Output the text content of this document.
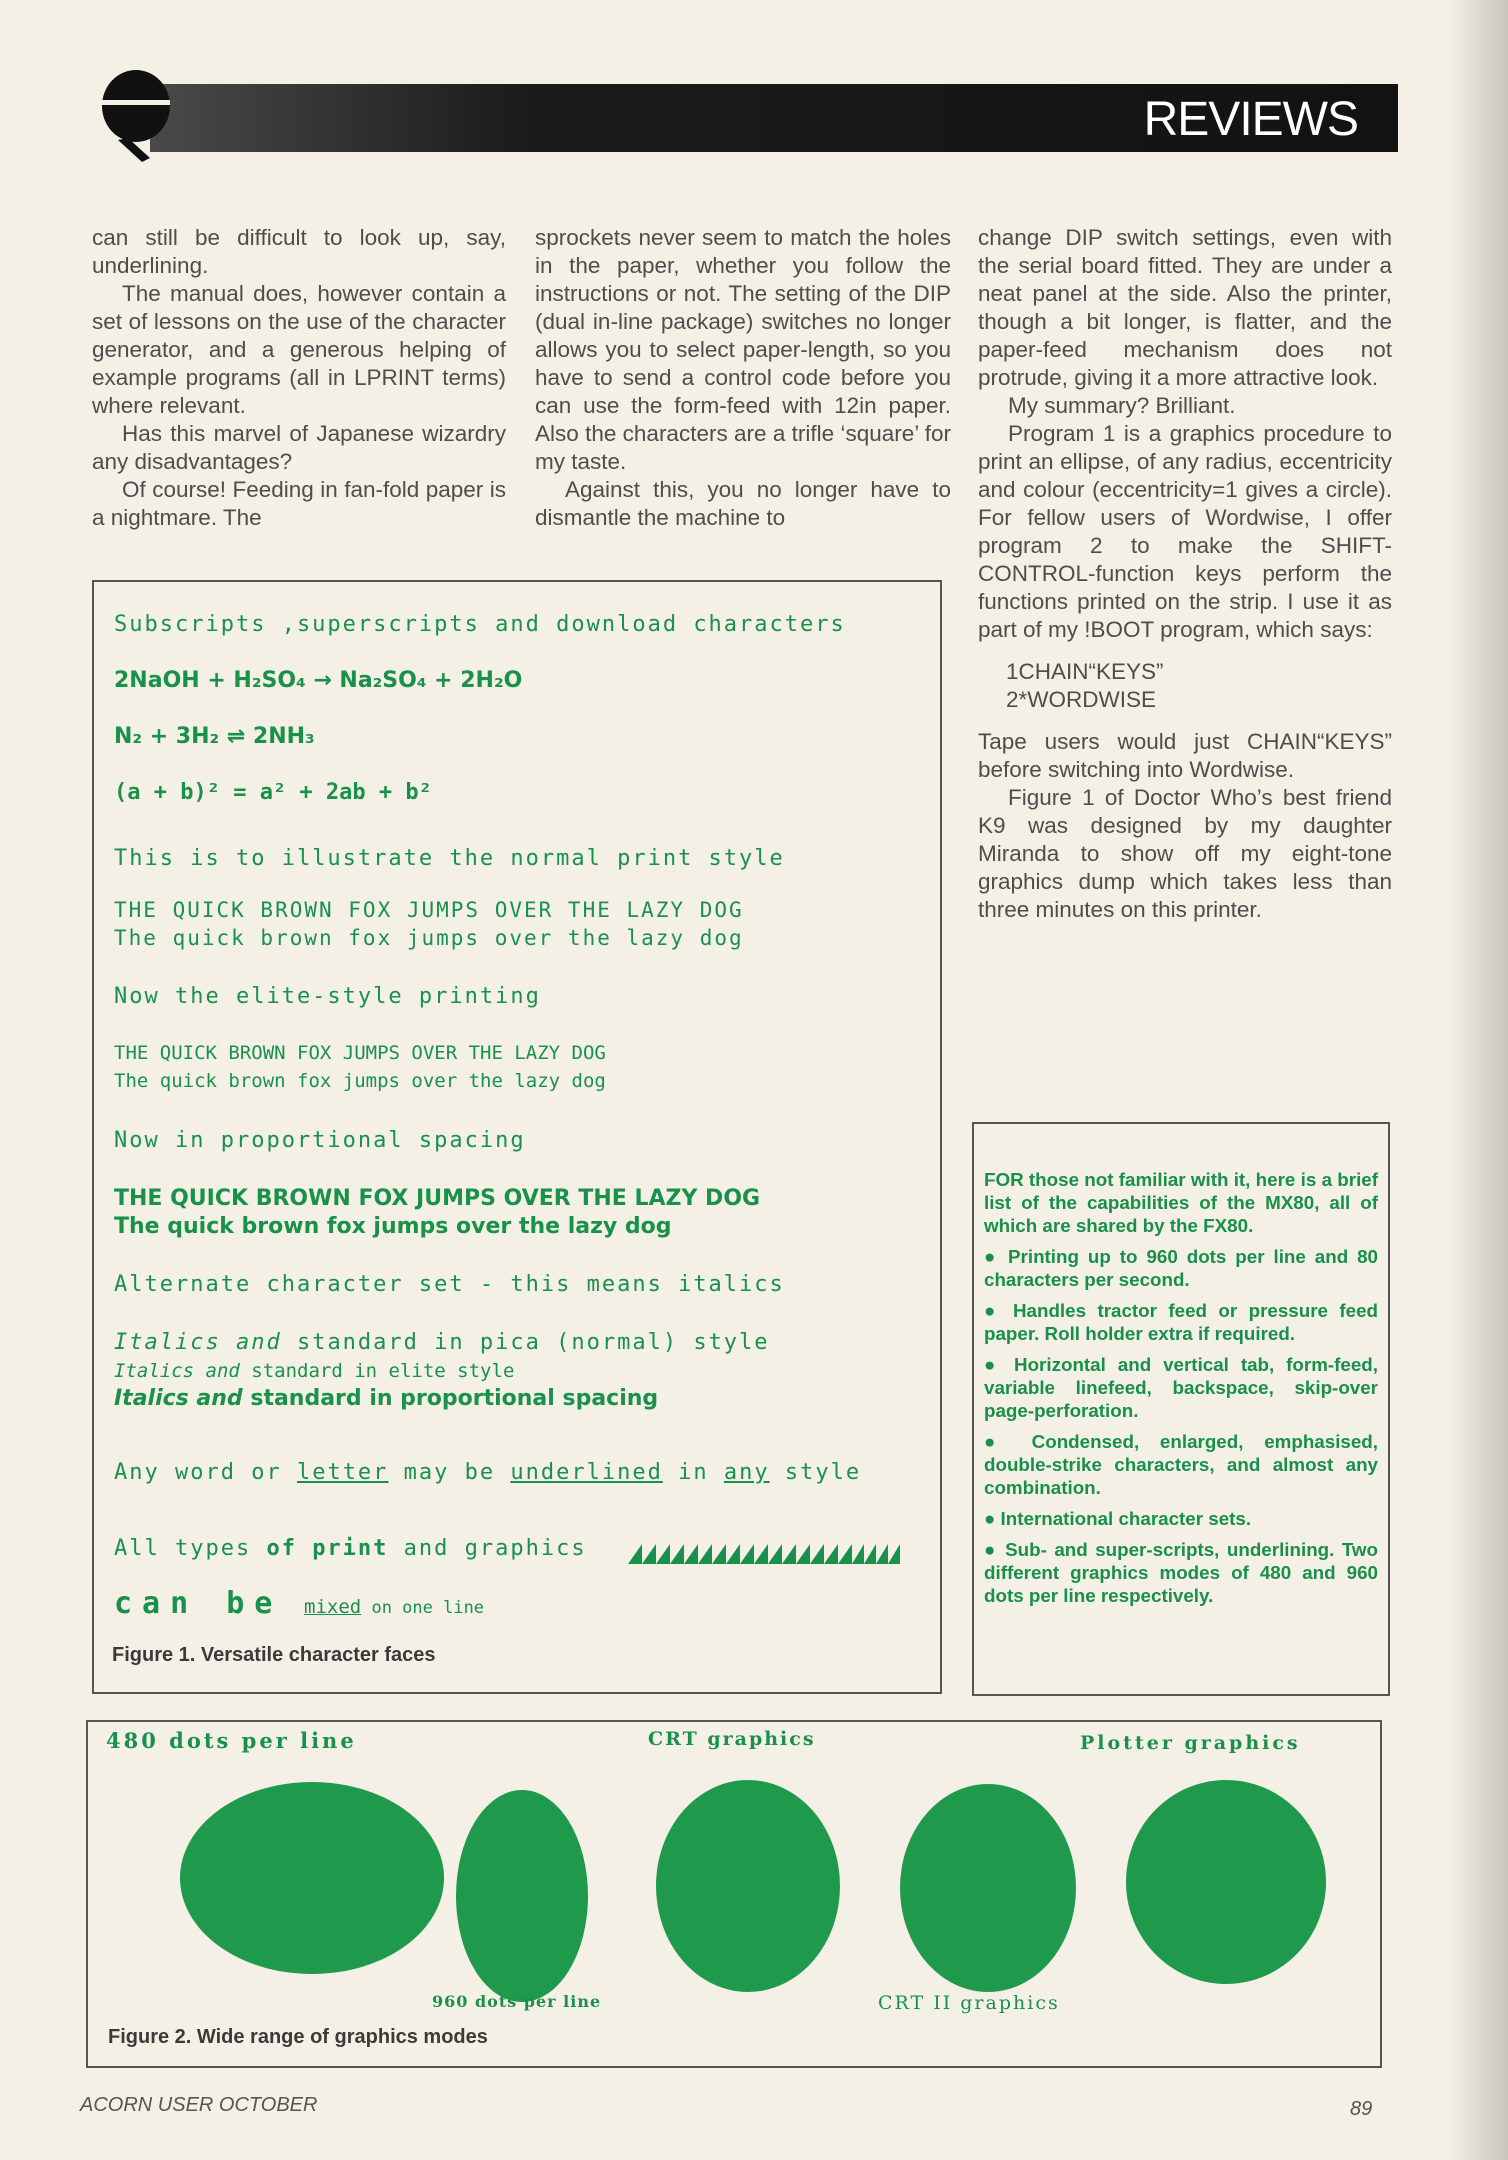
REVIEWS

can still be difficult to look up, say, underlining.

The manual does, however contain a set of lessons on the use of the character generator, and a generous helping of example programs (all in LPRINT terms) where relevant.

Has this marvel of Japanese wizardry any disadvantages?

Of course! Feeding in fan-fold paper is a nightmare. The

sprockets never seem to match the holes in the paper, whether you follow the instructions or not. The setting of the DIP (dual in-line package) switches no longer allows you to select paper-length, so you have to send a control code before you can use the form-feed with 12in paper. Also the characters are a trifle ‘square’ for my taste.

Against this, you no longer have to dismantle the machine to

change DIP switch settings, even with the serial board fitted. They are under a neat panel at the side. Also the printer, though a bit longer, is flatter, and the paper-feed mechanism does not protrude, giving it a more attractive look.

My summary? Brilliant.

Program 1 is a graphics procedure to print an ellipse, of any radius, eccentricity and colour (eccentricity=1 gives a circle). For fellow users of Wordwise, I offer program 2 to make the SHIFT-CONTROL-function keys perform the functions printed on the strip. I use it as part of my !BOOT program, which says:

1CHAIN“KEYS”
2*WORDWISE

Tape users would just CHAIN“KEYS” before switching into Wordwise.

Figure 1 of Doctor Who’s best friend K9 was designed by my daughter Miranda to show off my eight-tone graphics dump which takes less than three minutes on this printer.

Subscripts ,superscripts and download characters
2NaOH + H₂SO₄ → Na₂SO₄ + 2H₂O
N₂ + 3H₂ ⇌ 2NH₃
(a + b)² = a² + 2ab + b²
This is to illustrate the normal print style
THE QUICK BROWN FOX JUMPS OVER THE LAZY DOG
The quick brown fox jumps over the lazy dog
Now the elite-style printing
THE QUICK BROWN FOX JUMPS OVER THE LAZY DOG
The quick brown fox jumps over the lazy dog
Now in proportional spacing
THE QUICK BROWN FOX JUMPS OVER THE LAZY DOG
The quick brown fox jumps over the lazy dog
Alternate character set - this means italics
Italics and standard in pica (normal) style
Italics and standard in elite style
Italics and standard in proportional spacing
Any word or letter may be underlined in any style
All types of print and graphics
can be mixed on one line
Figure 1. Versatile character faces

FOR those not familiar with it, here is a brief list of the capabilities of the MX80, all of which are shared by the FX80.

● Printing up to 960 dots per line and 80 characters per second.

● Handles tractor feed or pressure feed paper. Roll holder extra if required.

● Horizontal and vertical tab, form-feed, variable linefeed, backspace, skip-over page-perforation.

● Condensed, enlarged, emphasised, double-strike characters, and almost any combination.

● International character sets.

● Sub- and super-scripts, underlining. Two different graphics modes of 480 and 960 dots per line respectively.

480 dots per line	CRT graphics	Plotter graphics
960 dots per line	CRT II graphics
Figure 2. Wide range of graphics modes
ACORN USER OCTOBER	89
